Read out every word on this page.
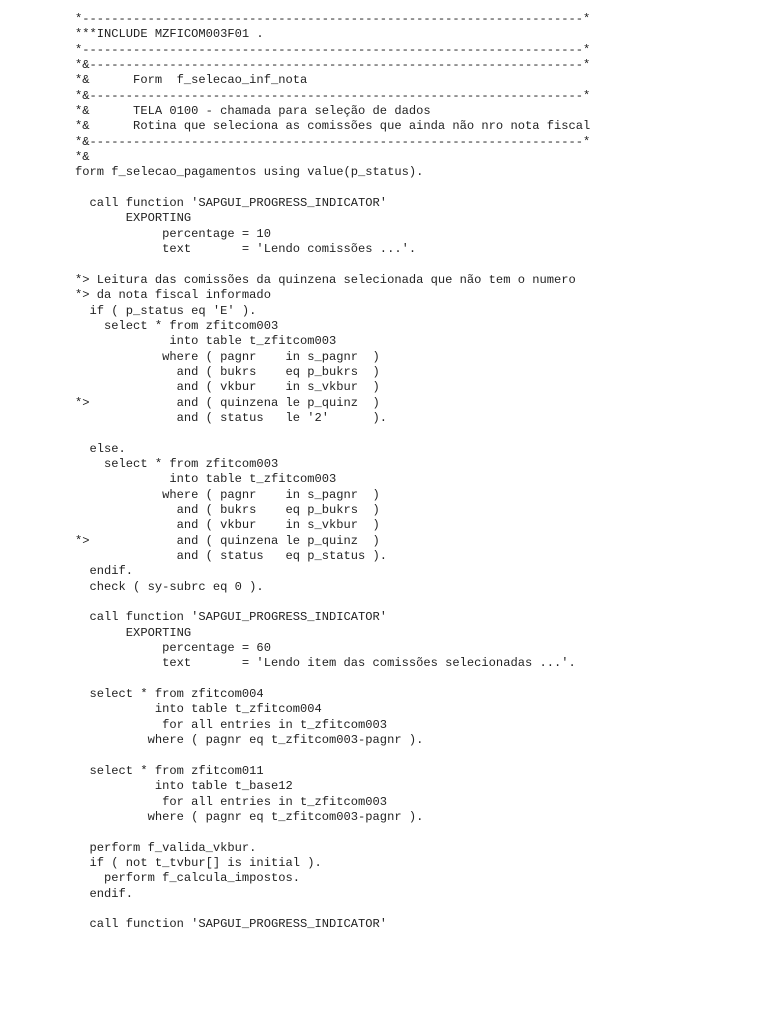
*---------------------------------------------------------------------*
***INCLUDE MZFICOM003F01 .
*---------------------------------------------------------------------*
*&--------------------------------------------------------------------*
*&      Form  f_selecao_inf_nota
*&--------------------------------------------------------------------*
*&      TELA 0100 - chamada para seleção de dados
*&      Rotina que seleciona as comissões que ainda não nro nota fiscal
*&--------------------------------------------------------------------*
*&
form f_selecao_pagamentos using value(p_status).
call function 'SAPGUI_PROGRESS_INDICATOR'
EXPORTING
percentage = 10
text       = 'Lendo comissões ...'.
*> Leitura das comissões da quinzena selecionada que não tem o numero
*> da nota fiscal informado
if ( p_status eq 'E' ).
select * from zfitcom003
into table t_zfitcom003
where ( pagnr    in s_pagnr  )
and ( bukrs    eq p_bukrs  )
and ( vkbur    in s_vkbur  )
*>            and ( quinzena le p_quinz  )
and ( status   le '2'      ).
else.
select * from zfitcom003
into table t_zfitcom003
where ( pagnr    in s_pagnr  )
and ( bukrs    eq p_bukrs  )
and ( vkbur    in s_vkbur  )
*>            and ( quinzena le p_quinz  )
and ( status   eq p_status ).
endif.
check ( sy-subrc eq 0 ).
call function 'SAPGUI_PROGRESS_INDICATOR'
EXPORTING
percentage = 60
text       = 'Lendo item das comissões selecionadas ...'.
select * from zfitcom004
into table t_zfitcom004
for all entries in t_zfitcom003
where ( pagnr eq t_zfitcom003-pagnr ).
select * from zfitcom011
into table t_base12
for all entries in t_zfitcom003
where ( pagnr eq t_zfitcom003-pagnr ).
perform f_valida_vkbur.
if ( not t_tvbur[] is initial ).
perform f_calcula_impostos.
endif.
call function 'SAPGUI_PROGRESS_INDICATOR'
